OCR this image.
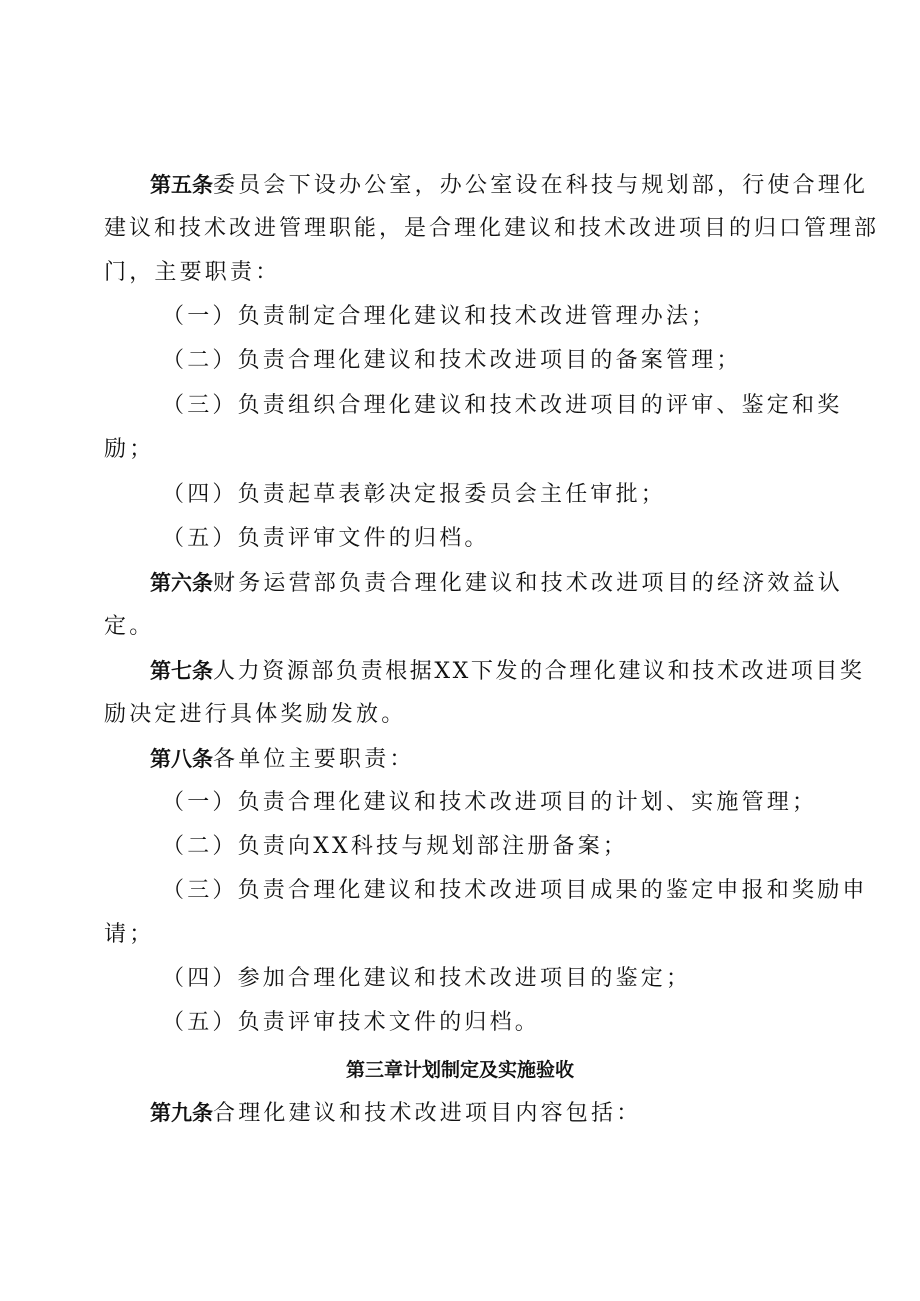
第五条委员会下设办公室，办公室设在科技与规划部，行使合理化
建议和技术改进管理职能，是合理化建议和技术改进项目的归口管理部
门，主要职责：
（一）负责制定合理化建议和技术改进管理办法；
（二）负责合理化建议和技术改进项目的备案管理；
（三）负责组织合理化建议和技术改进项目的评审、鉴定和奖
励；
（四）负责起草表彰决定报委员会主任审批；
（五）负责评审文件的归档。
第六条财务运营部负责合理化建议和技术改进项目的经济效益认
定。
第七条人力资源部负责根据XX下发的合理化建议和技术改进项目奖
励决定进行具体奖励发放。
第八条各单位主要职责：
（一）负责合理化建议和技术改进项目的计划、实施管理；
（二）负责向XX科技与规划部注册备案；
（三）负责合理化建议和技术改进项目成果的鉴定申报和奖励申
请；
（四）参加合理化建议和技术改进项目的鉴定；
（五）负责评审技术文件的归档。
第三章计划制定及实施验收
第九条合理化建议和技术改进项目内容包括：
